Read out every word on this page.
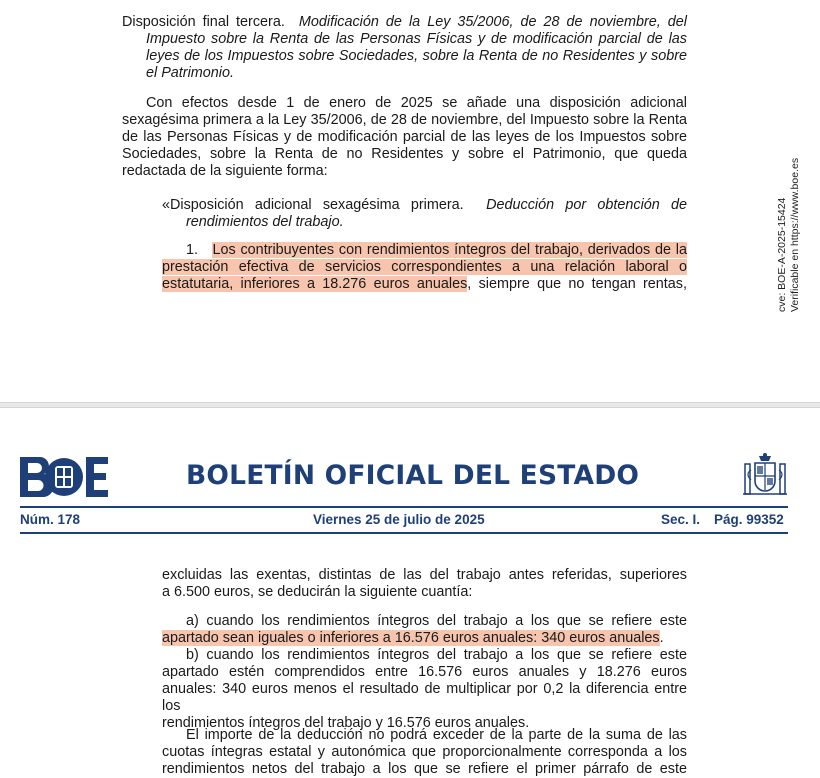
Disposición final tercera. Modificación de la Ley 35/2006, de 28 de noviembre, del
Impuesto sobre la Renta de las Personas Físicas y de modificación parcial de las
leyes de los Impuestos sobre Sociedades, sobre la Renta de no Residentes y sobre
el Patrimonio.
Con efectos desde 1 de enero de 2025 se añade una disposición adicional
sexagésima primera a la Ley 35/2006, de 28 de noviembre, del Impuesto sobre la Renta
de las Personas Físicas y de modificación parcial de las leyes de los Impuestos sobre
Sociedades, sobre la Renta de no Residentes y sobre el Patrimonio, que queda
redactada de la siguiente forma:
«Disposición adicional sexagésima primera. Deducción por obtención de
rendimientos del trabajo.
1. Los contribuyentes con rendimientos íntegros del trabajo, derivados de la
prestación efectiva de servicios correspondientes a una relación laboral o
estatutaria, inferiores a 18.276 euros anuales, siempre que no tengan rentas,	cve: BOE-A-2025-15424 Verificable en https://www.boe.es
BOLETÍN OFICIAL DEL ESTADO
Núm. 178	Viernes 25 de julio de 2025	Sec. I. Pág. 99352
excluidas las exentas, distintas de las del trabajo antes referidas, superiores
a 6.500 euros, se deducirán la siguiente cuantía:
a) cuando los rendimientos íntegros del trabajo a los que se refiere este
apartado sean iguales o inferiores a 16.576 euros anuales: 340 euros anuales.
b) cuando los rendimientos íntegros del trabajo a los que se refiere este
apartado estén comprendidos entre 16.576 euros anuales y 18.276 euros
anuales: 340 euros menos el resultado de multiplicar por 0,2 la diferencia entre los
rendimientos íntegros del trabajo y 16.576 euros anuales.
El importe de la deducción no podrá exceder de la parte de la suma de las
cuotas íntegras estatal y autonómica que proporcionalmente corresponda a los
rendimientos netos del trabajo a los que se refiere el primer párrafo de este
